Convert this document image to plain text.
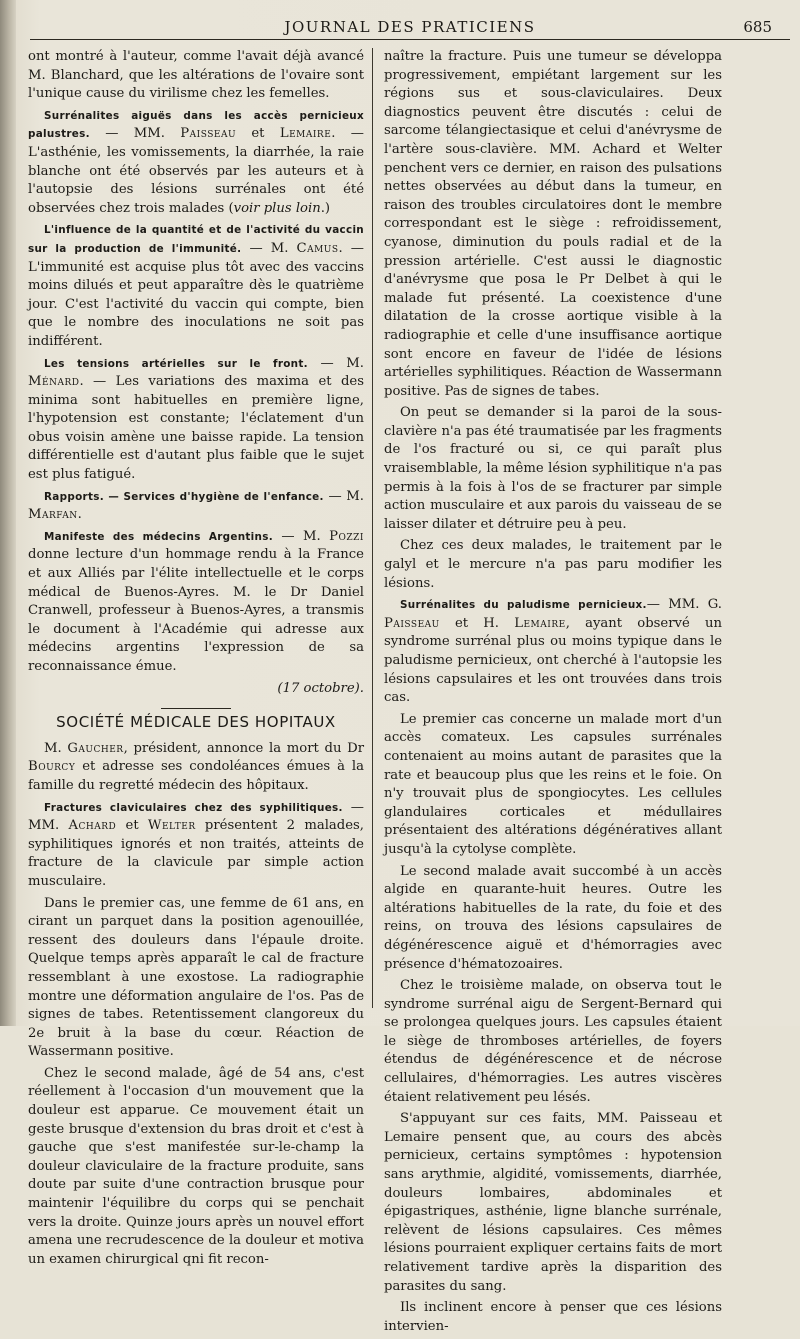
JOURNAL DES PRATICIENS	685

ont montré à l'auteur, comme l'avait déjà avancé M. Blanchard, que les altérations de l'ovaire sont l'unique cause du virilisme chez les femelles.

Surrénalites aiguës dans les accès pernicieux palustres. — MM. Paisseau et Lemaire. — L'asthénie, les vomissements, la diarrhée, la raie blanche ont été observés par les auteurs et à l'autopsie des lésions surrénales ont été observées chez trois malades (voir plus loin.)

L'influence de la quantité et de l'activité du vaccin sur la production de l'immunité. — M. Camus. — L'immunité est acquise plus tôt avec des vaccins moins dilués et peut apparaître dès le quatrième jour. C'est l'activité du vaccin qui compte, bien que le nombre des inoculations ne soit pas indifférent.

Les tensions artérielles sur le front. — M. Ménard. — Les variations des maxima et des minima sont habituelles en première ligne, l'hypotension est constante; l'éclatement d'un obus voisin amène une baisse rapide. La tension différentielle est d'autant plus faible que le sujet est plus fatigué.

Rapports. — Services d'hygiène de l'enfance. — M. Marfan.

Manifeste des médecins Argentins. — M. Pozzi donne lecture d'un hommage rendu à la France et aux Alliés par l'élite intellectuelle et le corps médical de Buenos-Ayres. M. le Dr Daniel Cranwell, professeur à Buenos-Ayres, a transmis le document à l'Académie qui adresse aux médecins argentins l'expression de sa reconnaissance émue.

(17 octobre).

SOCIÉTÉ MÉDICALE DES HOPITAUX

M. Gaucher, président, annonce la mort du Dr Bourcy et adresse ses condoléances émues à la famille du regretté médecin des hôpitaux.

Fractures claviculaires chez des syphilitiques. — MM. Achard et Welter présentent 2 malades, syphilitiques ignorés et non traités, atteints de fracture de la clavicule par simple action musculaire.

Dans le premier cas, une femme de 61 ans, en cirant un parquet dans la position agenouillée, ressent des douleurs dans l'épaule droite. Quelque temps après apparaît le cal de fracture ressemblant à une exostose. La radiographie montre une déformation angulaire de l'os. Pas de signes de tabes. Retentissement clangoreux du 2e bruit à la base du cœur. Réaction de Wassermann positive.

Chez le second malade, âgé de 54 ans, c'est réellement à l'occasion d'un mouvement que la douleur est apparue. Ce mouvement était un geste brusque d'extension du bras droit et c'est à gauche que s'est manifestée sur-le-champ la douleur claviculaire de la fracture produite, sans doute par suite d'une contraction brusque pour maintenir l'équilibre du corps qui se penchait vers la droite. Quinze jours après un nouvel effort amena une recrudescence de la douleur et motiva un examen chirurgical qni fit recon-

naître la fracture. Puis une tumeur se développa progressivement, empiétant largement sur les régions sus et sous-claviculaires. Deux diagnostics peuvent être discutés : celui de sarcome télangiectasique et celui d'anévrysme de l'artère sous-clavière. MM. Achard et Welter penchent vers ce dernier, en raison des pulsations nettes observées au début dans la tumeur, en raison des troubles circulatoires dont le membre correspondant est le siège : refroidissement, cyanose, diminution du pouls radial et de la pression artérielle. C'est aussi le diagnostic d'anévrysme que posa le Pr Delbet à qui le malade fut présenté. La coexistence d'une dilatation de la crosse aortique visible à la radiographie et celle d'une insuffisance aortique sont encore en faveur de l'idée de lésions artérielles syphilitiques. Réaction de Wassermann positive. Pas de signes de tabes.

On peut se demander si la paroi de la sous-clavière n'a pas été traumatisée par les fragments de l'os fracturé ou si, ce qui paraît plus vraisemblable, la même lésion syphilitique n'a pas permis à la fois à l'os de se fracturer par simple action musculaire et aux parois du vaisseau de se laisser dilater et détruire peu à peu.

Chez ces deux malades, le traitement par le galyl et le mercure n'a pas paru modifier les lésions.

Surrénalites du paludisme pernicieux.— MM. G. Paisseau et H. Lemaire, ayant observé un syndrome surrénal plus ou moins typique dans le paludisme pernicieux, ont cherché à l'autopsie les lésions capsulaires et les ont trouvées dans trois cas.

Le premier cas concerne un malade mort d'un accès comateux. Les capsules surrénales contenaient au moins autant de parasites que la rate et beaucoup plus que les reins et le foie. On n'y trouvait plus de spongiocytes. Les cellules glandulaires corticales et médullaires présentaient des altérations dégénératives allant jusqu'à la cytolyse complète.

Le second malade avait succombé à un accès algide en quarante-huit heures. Outre les altérations habituelles de la rate, du foie et des reins, on trouva des lésions capsulaires de dégénérescence aiguë et d'hémorragies avec présence d'hématozoaires.

Chez le troisième malade, on observa tout le syndrome surrénal aigu de Sergent-Bernard qui se prolongea quelques jours. Les capsules étaient le siège de thromboses artérielles, de foyers étendus de dégénérescence et de nécrose cellulaires, d'hémorragies. Les autres viscères étaient relativement peu lésés.

S'appuyant sur ces faits, MM. Paisseau et Lemaire pensent que, au cours des abcès pernicieux, certains symptômes : hypotension sans arythmie, algidité, vomissements, diarrhée, douleurs lombaires, abdominales et épigastriques, asthénie, ligne blanche surrénale, relèvent de lésions capsulaires. Ces mêmes lésions pourraient expliquer certains faits de mort relativement tardive après la disparition des parasites du sang.

Ils inclinent encore à penser que ces lésions intervien-
